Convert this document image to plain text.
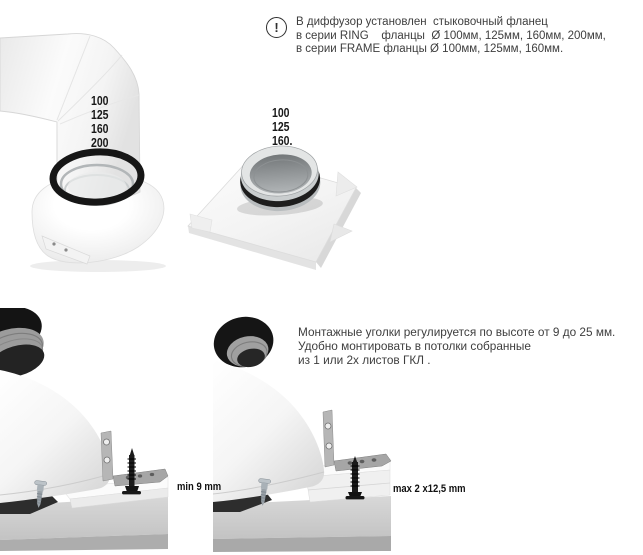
100
125
160
200
100
125
160.
!	В диффузор установлен  стыковочный фланец
в серии RING    фланцы  Ø 100мм, 125мм, 160мм, 200мм,
в серии FRAME фланцы Ø 100мм, 125мм, 160мм.
Монтажные уголки регулируется по высоте от 9 до 25 мм.
Удобно монтировать в потолки собранные
из 1 или 2х листов ГКЛ .
min 9 mm	max 2 x12,5 mm
